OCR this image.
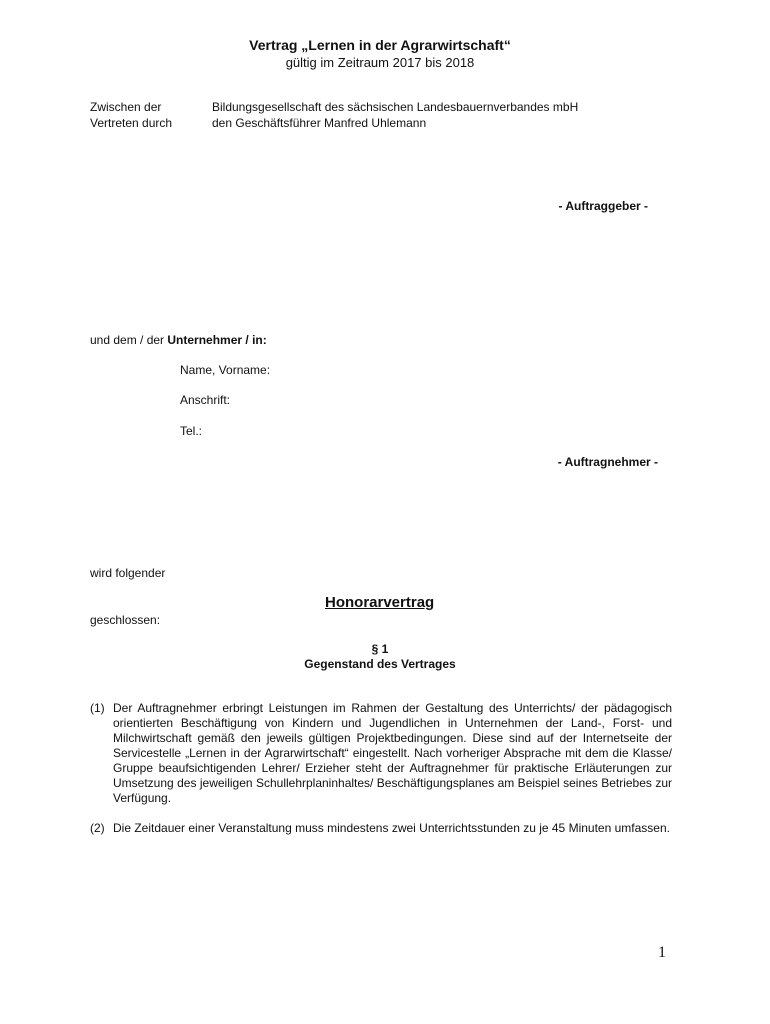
Vertrag „Lernen in der Agrarwirtschaft“
gültig im Zeitraum 2017 bis 2018
Zwischen der	Bildungsgesellschaft des sächsischen Landesbauernverbandes mbH
Vertreten durch	den Geschäftsführer Manfred Uhlemann
- Auftraggeber -
und dem / der Unternehmer / in:
Name, Vorname:
Anschrift:
Tel.:
- Auftragnehmer -
wird folgender
Honorarvertrag
geschlossen:
§ 1
Gegenstand des Vertrages
(1) Der Auftragnehmer erbringt Leistungen im Rahmen der Gestaltung des Unterrichts/ der pädagogisch orientierten Beschäftigung von Kindern und Jugendlichen in Unternehmen der Land-, Forst- und Milchwirtschaft gemäß den jeweils gültigen Projektbedingungen. Diese sind auf der Internetseite der Servicestelle „Lernen in der Agrarwirtschaft“ eingestellt. Nach vorheriger Absprache mit dem die Klasse/ Gruppe beaufsichtigenden Lehrer/ Erzieher steht der Auftragnehmer für praktische Erläuterungen zur Umsetzung des jeweiligen Schullehrplaninhaltes/ Beschäftigungsplanes am Beispiel seines Betriebes zur Verfügung.
(2) Die Zeitdauer einer Veranstaltung muss mindestens zwei Unterrichtsstunden zu je 45 Minuten umfassen.
1
